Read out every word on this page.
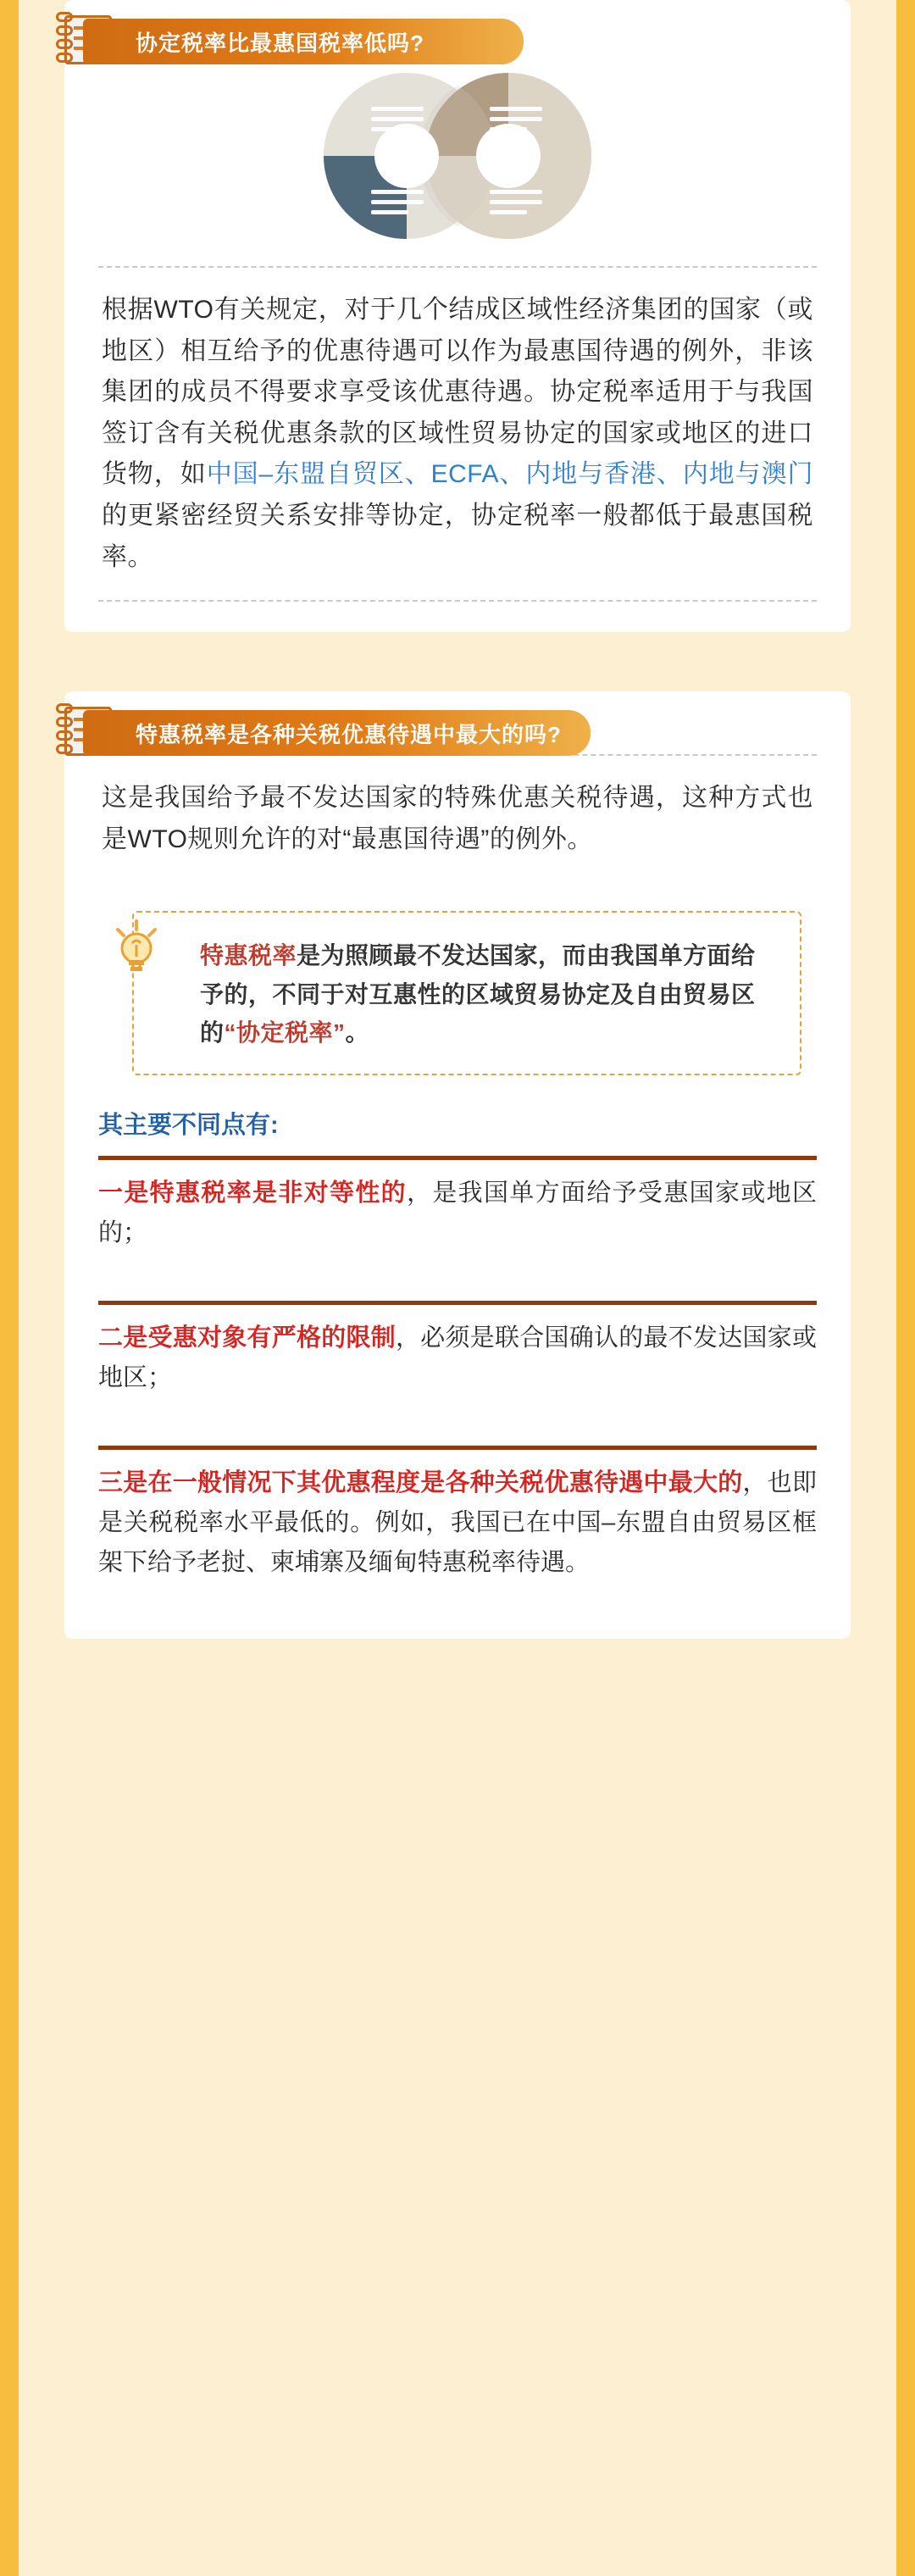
协定税率比最惠国税率低吗?
根据WTO有关规定，对于几个结成区域性经济集团的国家（或地区）相互给予的优惠待遇可以作为最惠国待遇的例外，非该集团的成员不得要求享受该优惠待遇。协定税率适用于与我国签订含有关税优惠条款的区域性贸易协定的国家或地区的进口货物，如中国–东盟自贸区、ECFA、内地与香港、内地与澳门的更紧密经贸关系安排等协定，协定税率一般都低于最惠国税率。
特惠税率是各种关税优惠待遇中最大的吗?
这是我国给予最不发达国家的特殊优惠关税待遇，这种方式也是WTO规则允许的对“最惠国待遇”的例外。
特惠税率是为照顾最不发达国家，而由我国单方面给予的，不同于对互惠性的区域贸易协定及自由贸易区的“协定税率”。
其主要不同点有:
一是特惠税率是非对等性的，是我国单方面给予受惠国家或地区的；
二是受惠对象有严格的限制，必须是联合国确认的最不发达国家或地区；
三是在一般情况下其优惠程度是各种关税优惠待遇中最大的，也即是关税税率水平最低的。例如，我国已在中国–东盟自由贸易区框架下给予老挝、柬埔寨及缅甸特惠税率待遇。
